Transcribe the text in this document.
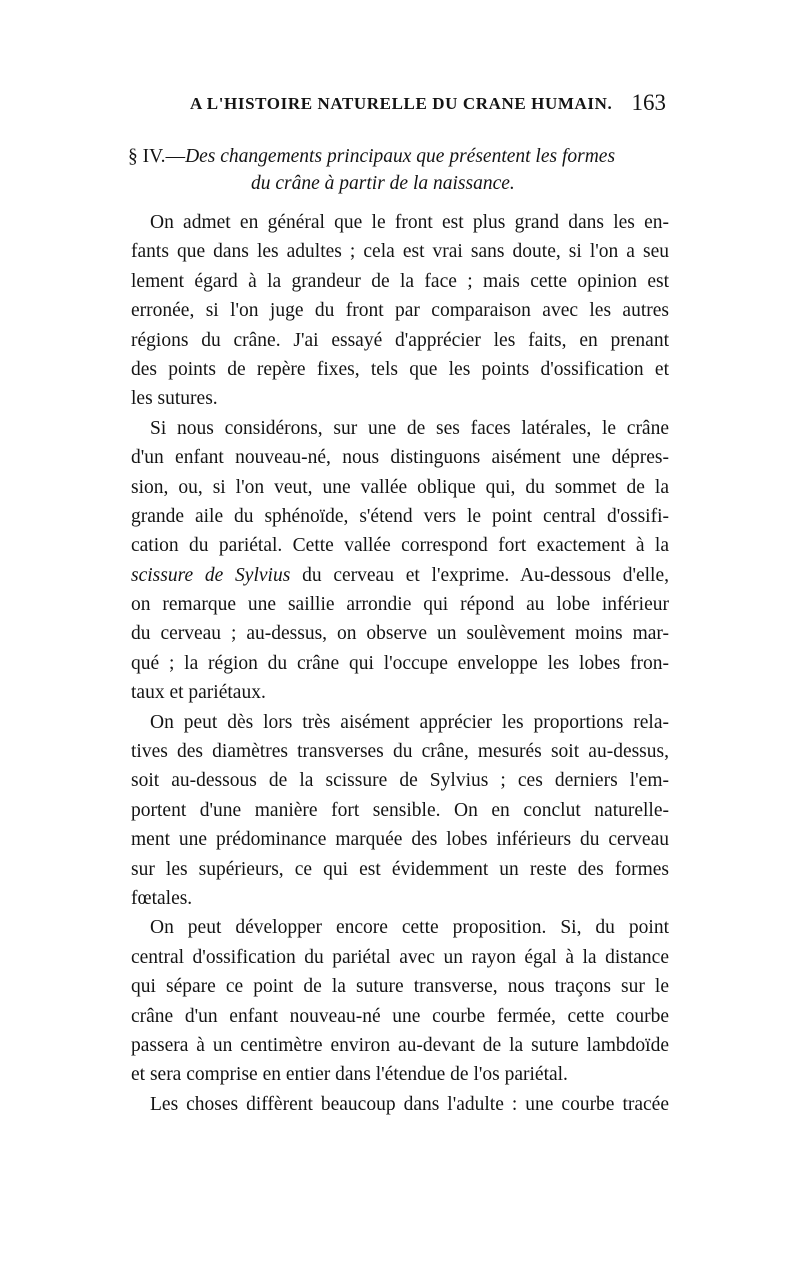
A L'HISTOIRE NATURELLE DU CRANE HUMAIN. 163
§ IV.—Des changements principaux que présentent les formes
du crâne à partir de la naissance.
On admet en général que le front est plus grand dans les en-
fants que dans les adultes ; cela est vrai sans doute, si l'on a seu
lement égard à la grandeur de la face ; mais cette opinion est
erronée, si l'on juge du front par comparaison avec les autres
régions du crâne. J'ai essayé d'apprécier les faits, en prenant
des points de repère fixes, tels que les points d'ossification et
les sutures.
Si nous considérons, sur une de ses faces latérales, le crâne
d'un enfant nouveau-né, nous distinguons aisément une dépres-
sion, ou, si l'on veut, une vallée oblique qui, du sommet de la
grande aile du sphénoïde, s'étend vers le point central d'ossifi-
cation du pariétal. Cette vallée correspond fort exactement à la
scissure de Sylvius du cerveau et l'exprime. Au-dessous d'elle,
on remarque une saillie arrondie qui répond au lobe inférieur
du cerveau ; au-dessus, on observe un soulèvement moins mar-
qué ; la région du crâne qui l'occupe enveloppe les lobes fron-
taux et pariétaux.
On peut dès lors très aisément apprécier les proportions rela-
tives des diamètres transverses du crâne, mesurés soit au-dessus,
soit au-dessous de la scissure de Sylvius ; ces derniers l'em-
portent d'une manière fort sensible. On en conclut naturelle-
ment une prédominance marquée des lobes inférieurs du cerveau
sur les supérieurs, ce qui est évidemment un reste des formes
fœtales.
On peut développer encore cette proposition. Si, du point
central d'ossification du pariétal avec un rayon égal à la distance
qui sépare ce point de la suture transverse, nous traçons sur le
crâne d'un enfant nouveau-né une courbe fermée, cette courbe
passera à un centimètre environ au-devant de la suture lambdoïde
et sera comprise en entier dans l'étendue de l'os pariétal.
Les choses diffèrent beaucoup dans l'adulte : une courbe tracée
